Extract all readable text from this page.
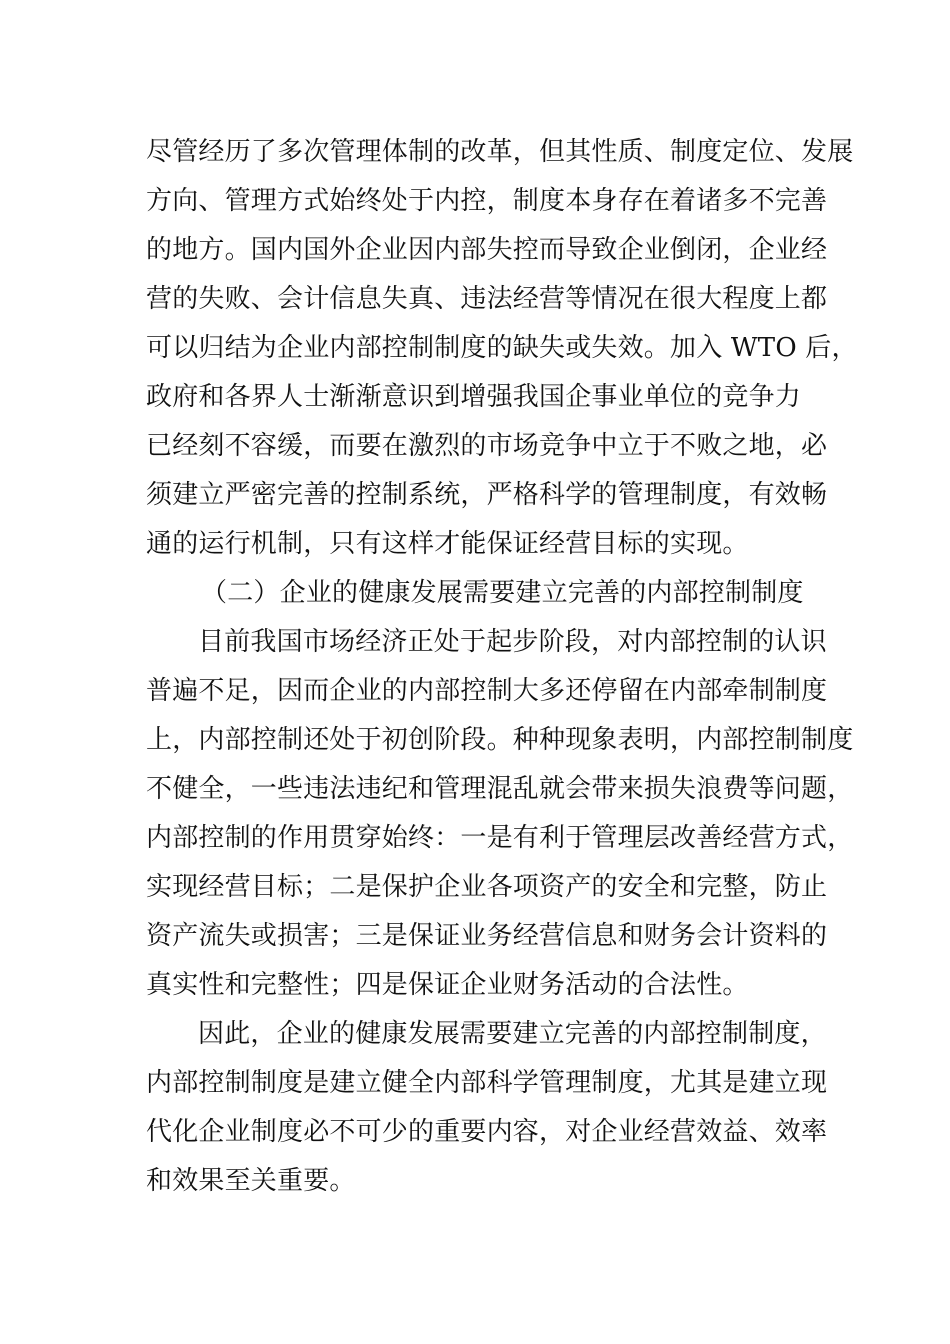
尽管经历了多次管理体制的改革，但其性质、制度定位、发展
方向、管理方式始终处于内控，制度本身存在着诸多不完善
的地方。国内国外企业因内部失控而导致企业倒闭，企业经
营的失败、会计信息失真、违法经营等情况在很大程度上都
可以归结为企业内部控制制度的缺失或失效。加入 WTO 后，
政府和各界人士渐渐意识到增强我国企事业单位的竞争力
已经刻不容缓，而要在激烈的市场竞争中立于不败之地，必
须建立严密完善的控制系统，严格科学的管理制度，有效畅
通的运行机制，只有这样才能保证经营目标的实现。
（二）企业的健康发展需要建立完善的内部控制制度
目前我国市场经济正处于起步阶段，对内部控制的认识
普遍不足，因而企业的内部控制大多还停留在内部牵制制度
上，内部控制还处于初创阶段。种种现象表明，内部控制制度
不健全，一些违法违纪和管理混乱就会带来损失浪费等问题，
内部控制的作用贯穿始终：一是有利于管理层改善经营方式，
实现经营目标；二是保护企业各项资产的安全和完整，防止
资产流失或损害；三是保证业务经营信息和财务会计资料的
真实性和完整性；四是保证企业财务活动的合法性。
因此，企业的健康发展需要建立完善的内部控制制度，
内部控制制度是建立健全内部科学管理制度，尤其是建立现
代化企业制度必不可少的重要内容，对企业经营效益、效率
和效果至关重要。
